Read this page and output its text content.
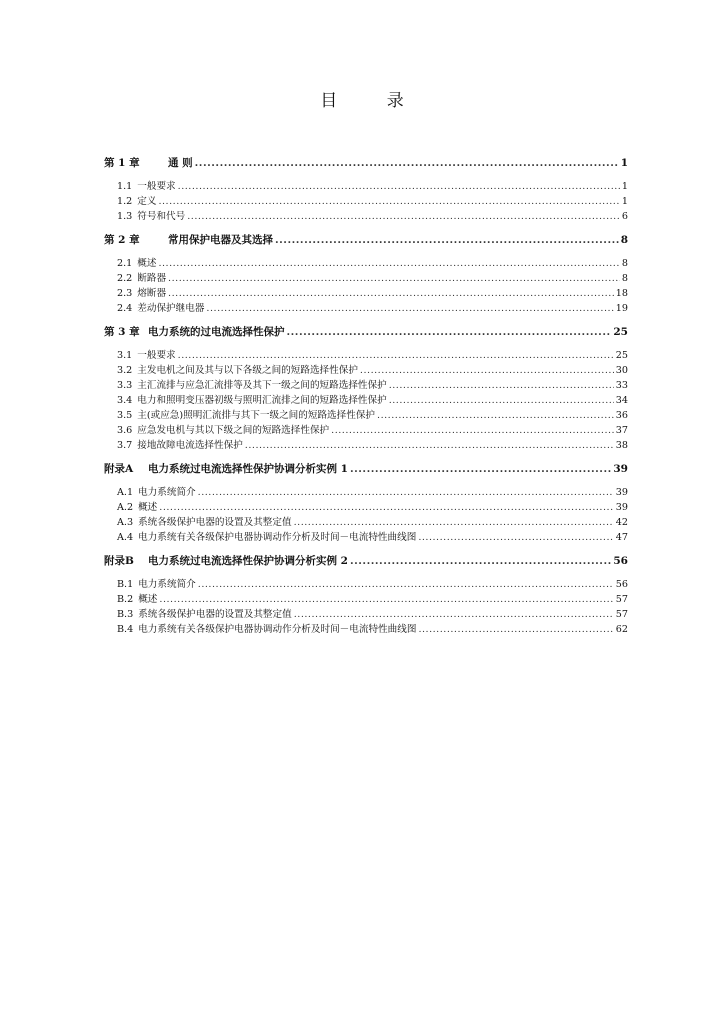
目 录
第 1 章	通 则 .....	1
1.1 一般要求 .....	1
1.2 定义 .....	1
1.3 符号和代号 .....	6
第 2 章	常用保护电器及其选择 .....	8
2.1 概述 .....	8
2.2 断路器 .....	8
2.3 熔断器 .....	18
2.4 差动保护继电器 .....	19
第 3 章 电力系统的过电流选择性保护 .....	25
3.1 一般要求 .....	25
3.2 主发电机之间及其与以下各级之间的短路选择性保护 .....	30
3.3 主汇流排与应急汇流排等及其下一级之间的短路选择性保护 .....	33
3.4 电力和照明变压器初级与照明汇流排之间的短路选择性保护 .....	34
3.5 主(或应急)照明汇流排与其下一级之间的短路选择性保护 .....	36
3.6 应急发电机与其以下级之间的短路选择性保护 .....	37
3.7 接地故障电流选择性保护 .....	38
附录A	电力系统过电流选择性保护协调分析实例 1 .....	39
A.1 电力系统简介 .....	39
A.2 概述 .....	39
A.3 系统各级保护电器的设置及其整定值 .....	42
A.4 电力系统有关各级保护电器协调动作分析及时间－电流特性曲线图 .....	47
附录B	电力系统过电流选择性保护协调分析实例 2 .....	56
B.1 电力系统简介 .....	56
B.2 概述 .....	57
B.3 系统各级保护电器的设置及其整定值 .....	57
B.4 电力系统有关各级保护电器协调动作分析及时间－电流特性曲线图 .....	62
